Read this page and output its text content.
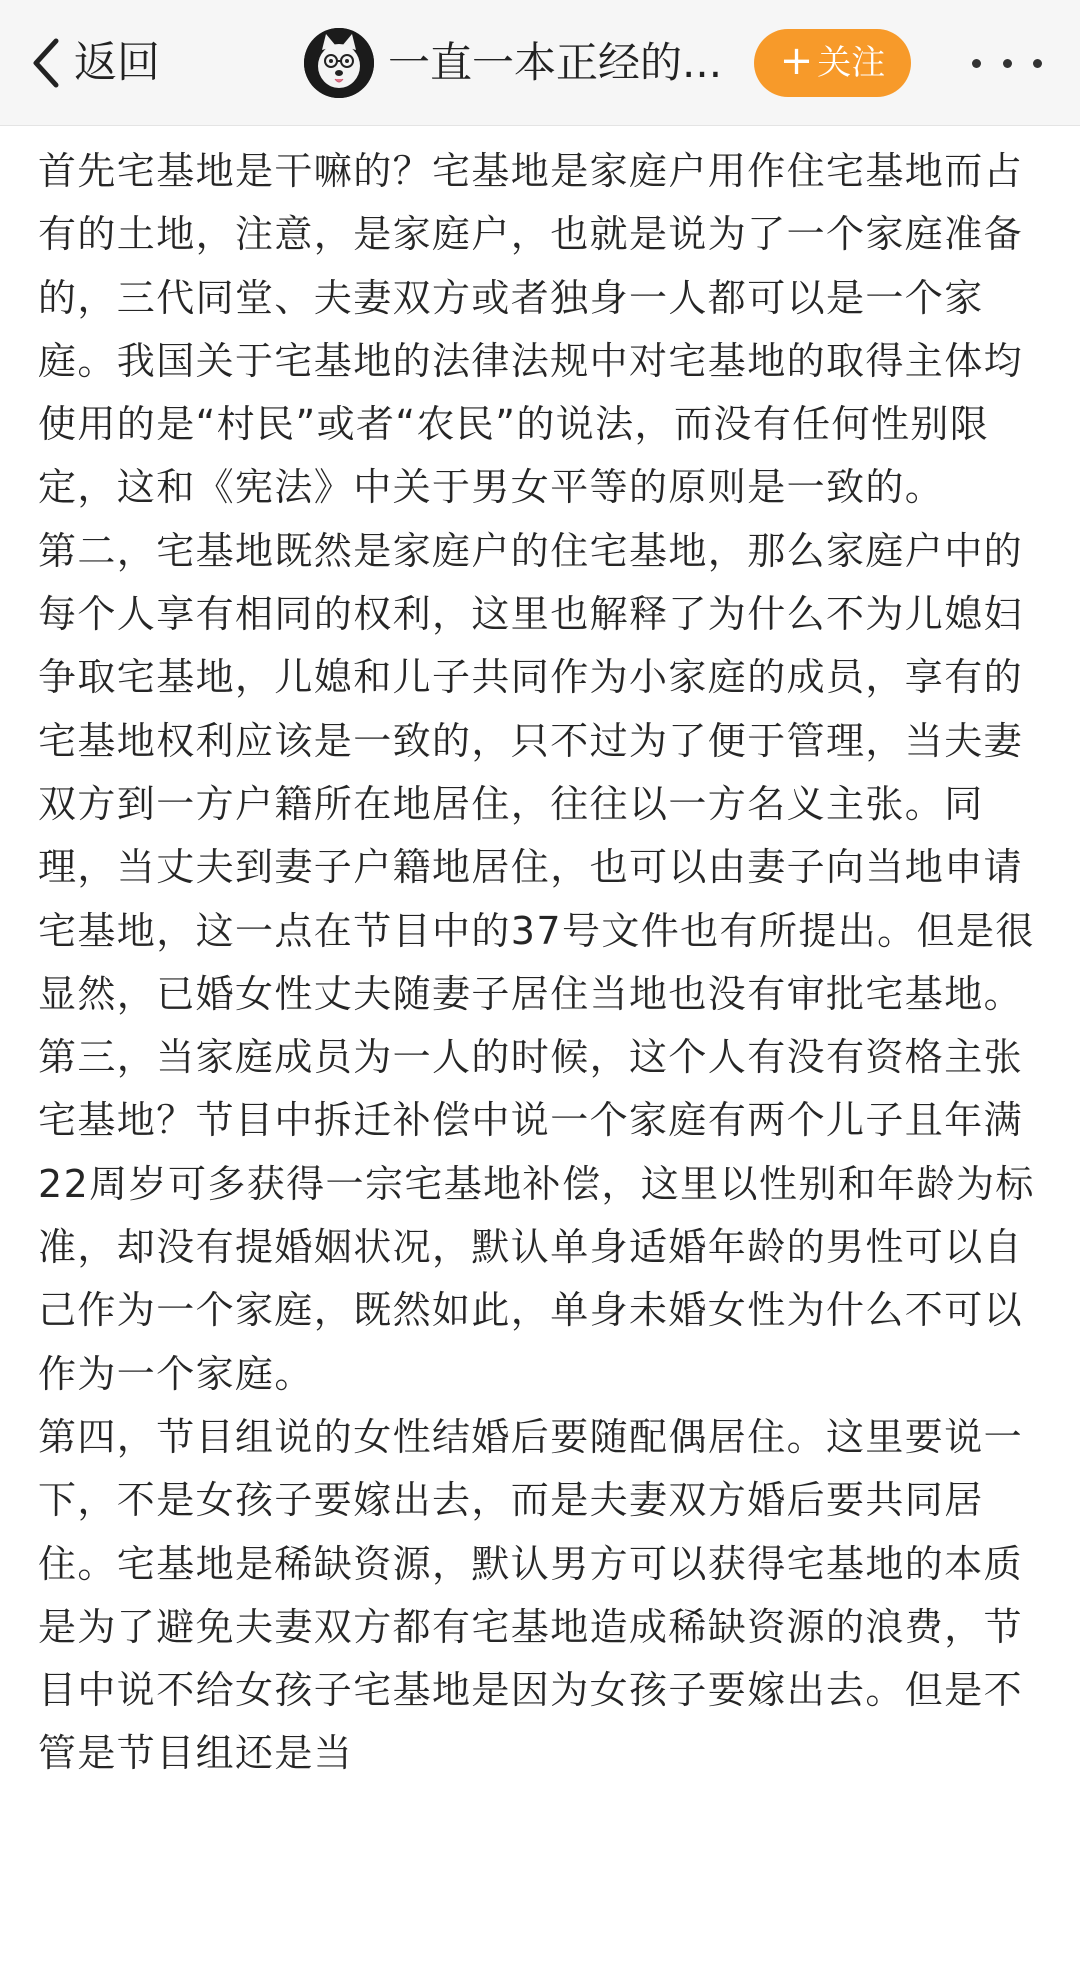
返回	一直一本正经的...	+ 关注

首先宅基地是干嘛的？宅基地是家庭户用作住宅基地而占有的土地，注意，是家庭户，也就是说为了一个家庭准备的，三代同堂、夫妻双方或者独身一人都可以是一个家庭。我国关于宅基地的法律法规中对宅基地的取得主体均使用的是“村民”或者“农民”的说法，而没有任何性别限定，这和《宪法》中关于男女平等的原则是一致的。

第二，宅基地既然是家庭户的住宅基地，那么家庭户中的每个人享有相同的权利，这里也解释了为什么不为儿媳妇争取宅基地，儿媳和儿子共同作为小家庭的成员，享有的宅基地权利应该是一致的，只不过为了便于管理，当夫妻双方到一方户籍所在地居住，往往以一方名义主张。同理，当丈夫到妻子户籍地居住，也可以由妻子向当地申请宅基地，这一点在节目中的37号文件也有所提出。但是很显然，已婚女性丈夫随妻子居住当地也没有审批宅基地。

第三，当家庭成员为一人的时候，这个人有没有资格主张宅基地？节目中拆迁补偿中说一个家庭有两个儿子且年满22周岁可多获得一宗宅基地补偿，这里以性别和年龄为标准，却没有提婚姻状况，默认单身适婚年龄的男性可以自己作为一个家庭，既然如此，单身未婚女性为什么不可以作为一个家庭。

第四，节目组说的女性结婚后要随配偶居住。这里要说一下，不是女孩子要嫁出去，而是夫妻双方婚后要共同居住。宅基地是稀缺资源，默认男方可以获得宅基地的本质是为了避免夫妻双方都有宅基地造成稀缺资源的浪费，节目中说不给女孩子宅基地是因为女孩子要嫁出去。但是不管是节目组还是当
